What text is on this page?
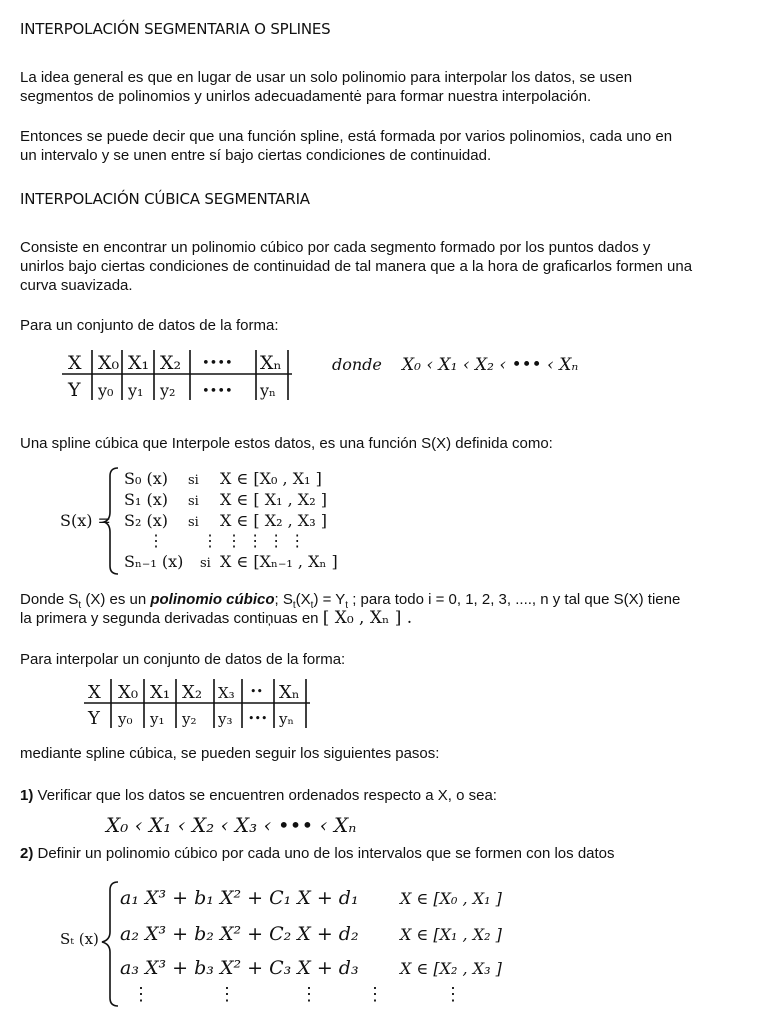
INTERPOLACIÓN SEGMENTARIA O SPLINES
La idea general es que en lugar de usar un solo polinomio para interpolar los datos, se usen
segmentos de polinomios y unirlos adecuadamentė para formar nuestra interpolación.
Entonces se puede decir que una función spline, está formada por varios polinomios, cada uno en
un intervalo y se unen entre sí bajo ciertas condiciones de continuidad.
INTERPOLACIÓN CÚBICA SEGMENTARIA
Consiste en encontrar un polinomio cúbico por cada segmento formado por los puntos dados y
unirlos bajo ciertas condiciones de continuidad de tal manera que a la hora de graficarlos formen una
curva suavizada.
Para un conjunto de datos de la forma:
X X₀ X₁ X₂ •••• Xₙ
Y y₀ y₁ y₂ •••• yₙ
donde X₀ ‹ X₁ ‹ X₂ ‹ ••• ‹ Xₙ
Una spline cúbica que Interpole estos datos, es una función S(X) definida como:
S(x) =
S₀ (x) si X ∈ [X₀ , X₁ ]
S₁ (x) si X ∈ [ X₁ , X₂ ]
S₂ (x) si X ∈ [ X₂ , X₃ ]
⋮ ⋮ ⋮ ⋮ ⋮ ⋮
Sₙ₋₁ (x) si X ∈ [Xₙ₋₁ , Xₙ ]
Donde $S_t$ (X) es un polinomio cúbico; $S_t(X_t) = Y_t$ ; para todo i = 0, 1, 2, 3, ...., n y tal que S(X) tiene
la primera y segunda derivadas contiņuas en [ X₀ , Xₙ ] .
Para interpolar un conjunto de datos de la forma:
X X₀ X₁ X₂ X₃ •• Xₙ
Y y₀ y₁ y₂ y₃ ••• yₙ
mediante spline cúbica, se pueden seguir los siguientes pasos:
1) Verificar que los datos se encuentren ordenados respecto a X, o sea:
X₀ ‹ X₁ ‹ X₂ ‹ X₃ ‹ ••• ‹ Xₙ
2) Definir un polinomio cúbico por cada uno de los intervalos que se formen con los datos
Sₜ (x)
a₁ X³ + b₁ X² + C₁ X + d₁	X ∈ [X₀ , X₁ ]
a₂ X³ + b₂ X² + C₂ X + d₂	X ∈ [X₁ , X₂ ]
a₃ X³ + b₃ X² + C₃ X + d₃	X ∈ [X₂ , X₃ ]
⋮	⋮	⋮	⋮	⋮
